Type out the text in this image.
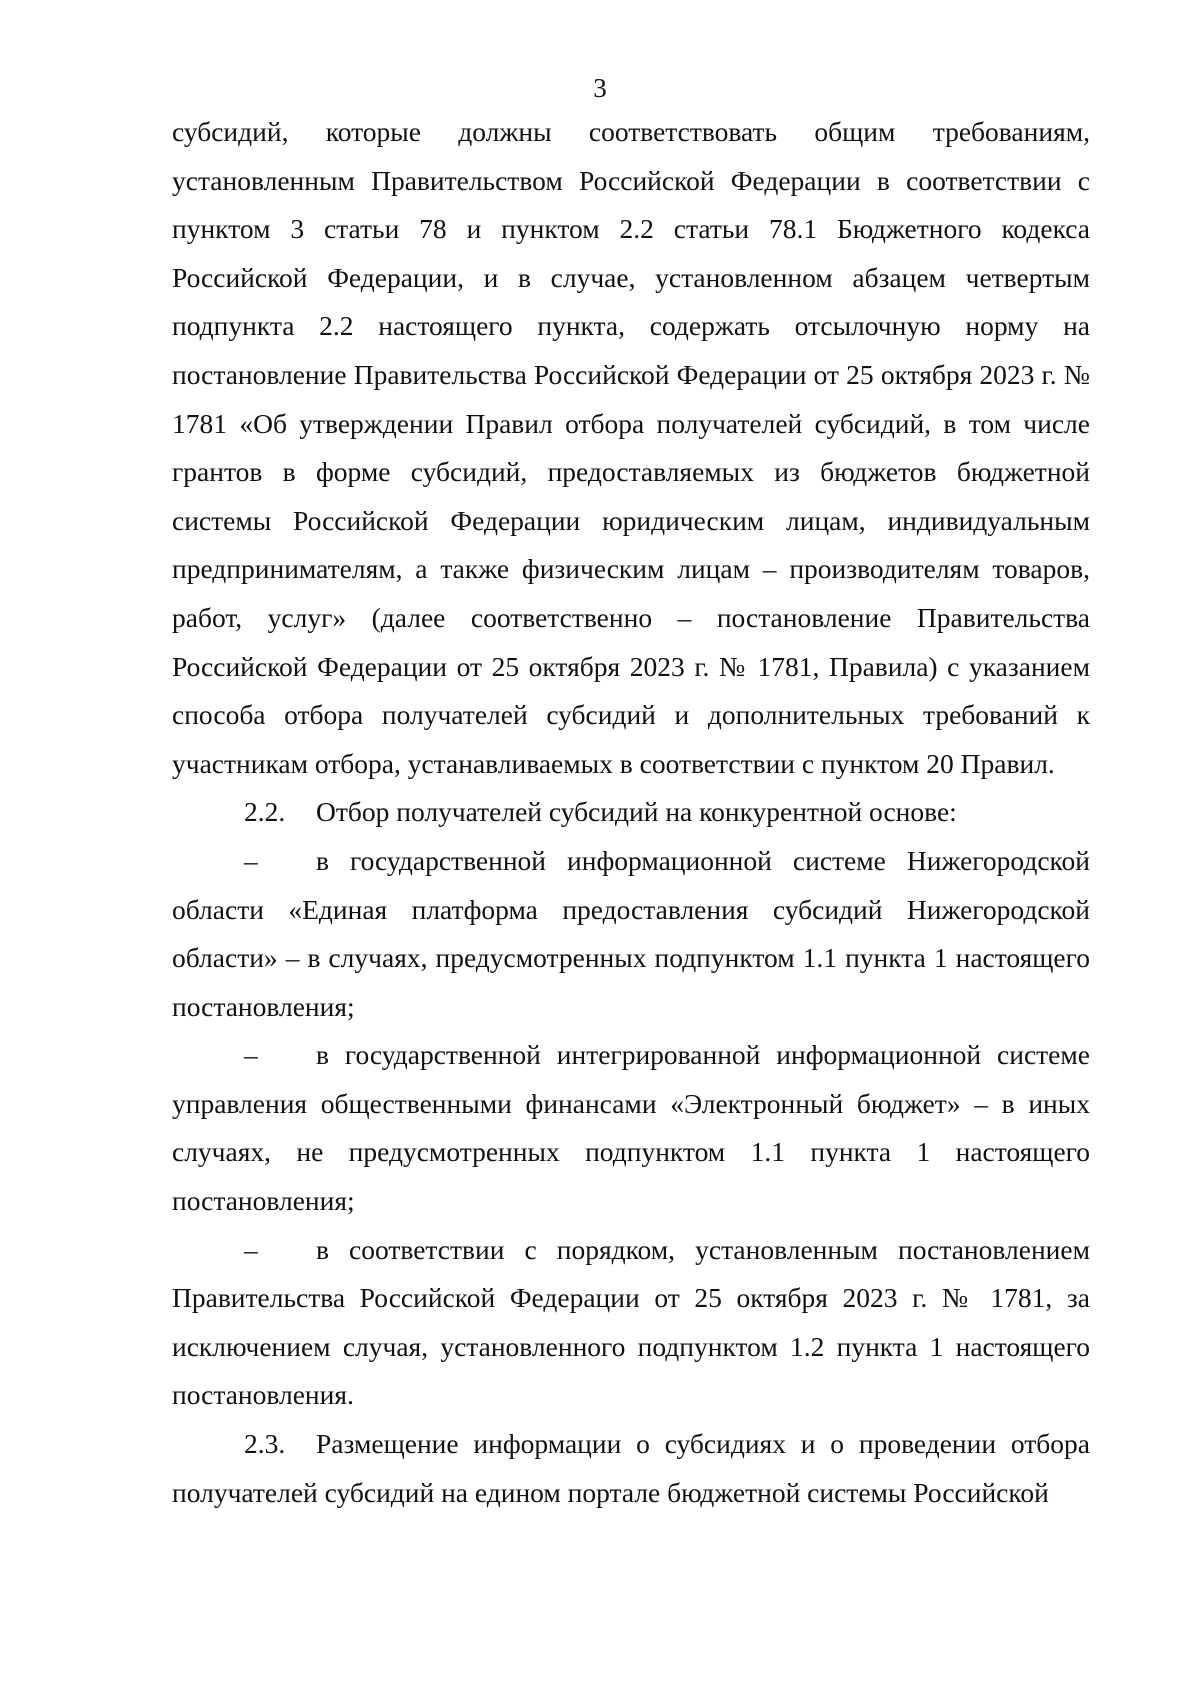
3

субсидий, которые должны соответствовать общим требованиям, установленным Правительством Российской Федерации в соответствии с пунктом 3 статьи 78 и пунктом 2.2 статьи 78.1 Бюджетного кодекса Российской Федерации, и в случае, установленном абзацем четвертым подпункта 2.2 настоящего пункта, содержать отсылочную норму на постановление Правительства Российской Федерации от 25 октября 2023 г. № 1781 «Об утверждении Правил отбора получателей субсидий, в том числе грантов в форме субсидий, предоставляемых из бюджетов бюджетной системы Российской Федерации юридическим лицам, индивидуальным предпринимателям, а также физическим лицам – производителям товаров, работ, услуг» (далее соответственно – постановление Правительства Российской Федерации от 25 октября 2023 г. № 1781, Правила) с указанием способа отбора получателей субсидий и дополнительных требований к участникам отбора, устанавливаемых в соответствии с пунктом 20 Правил.

2.2. Отбор получателей субсидий на конкурентной основе:

– в государственной информационной системе Нижегородской области «Единая платформа предоставления субсидий Нижегородской области» – в случаях, предусмотренных подпунктом 1.1 пункта 1 настоящего постановления;

– в государственной интегрированной информационной системе управления общественными финансами «Электронный бюджет» – в иных случаях, не предусмотренных подпунктом 1.1 пункта 1 настоящего постановления;

– в соответствии с порядком, установленным постановлением Правительства Российской Федерации от 25 октября 2023 г. № 1781, за исключением случая, установленного подпунктом 1.2 пункта 1 настоящего постановления.

2.3. Размещение информации о субсидиях и о проведении отбора получателей субсидий на едином портале бюджетной системы Российской
